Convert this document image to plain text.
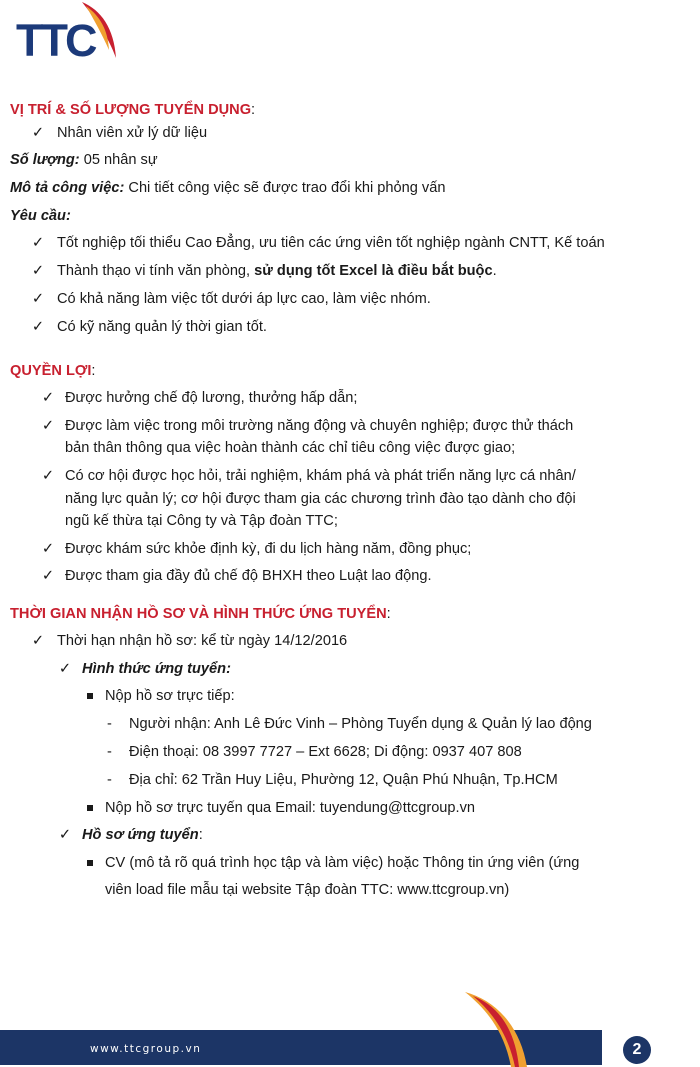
TTC
VỊ TRÍ & SỐ LƯỢNG TUYỂN DỤNG:
✓ Nhân viên xử lý dữ liệu
Số lượng: 05 nhân sự
Mô tả công việc: Chi tiết công việc sẽ được trao đổi khi phỏng vấn
Yêu cầu:
✓ Tốt nghiệp tối thiểu Cao Đẳng, ưu tiên các ứng viên tốt nghiệp ngành CNTT, Kế toán
✓ Thành thạo vi tính văn phòng, sử dụng tốt Excel là điều bắt buộc.
✓ Có khả năng làm việc tốt dưới áp lực cao, làm việc nhóm.
✓ Có kỹ năng quản lý thời gian tốt.
QUYỀN LỢI:
✓ Được hưởng chế độ lương, thưởng hấp dẫn;
✓ Được làm việc trong môi trường năng động và chuyên nghiệp; được thử thách
bản thân thông qua việc hoàn thành các chỉ tiêu công việc được giao;
✓ Có cơ hội được học hỏi, trải nghiệm, khám phá và phát triển năng lực cá nhân/
năng lực quản lý; cơ hội được tham gia các chương trình đào tạo dành cho đội
ngũ kế thừa tại Công ty và Tập đoàn TTC;
✓ Được khám sức khỏe định kỳ, đi du lịch hàng năm, đồng phục;
✓ Được tham gia đầy đủ chế độ BHXH theo Luật lao động.
THỜI GIAN NHẬN HỒ SƠ VÀ HÌNH THỨC ỨNG TUYỂN:
✓ Thời hạn nhận hồ sơ: kể từ ngày 14/12/2016
✓ Hình thức ứng tuyển:
Nộp hồ sơ trực tiếp:
- Người nhận: Anh Lê Đức Vinh – Phòng Tuyển dụng & Quản lý lao động
- Điện thoại: 08 3997 7727 – Ext 6628; Di động: 0937 407 808
- Địa chỉ: 62 Trần Huy Liệu, Phường 12, Quận Phú Nhuận, Tp.HCM
Nộp hồ sơ trực tuyến qua Email: tuyendung@ttcgroup.vn
✓ Hồ sơ ứng tuyển:
CV (mô tả rõ quá trình học tập và làm việc) hoặc Thông tin ứng viên (ứng
viên load file mẫu tại website Tập đoàn TTC: www.ttcgroup.vn)
www.ttcgroup.vn	2
